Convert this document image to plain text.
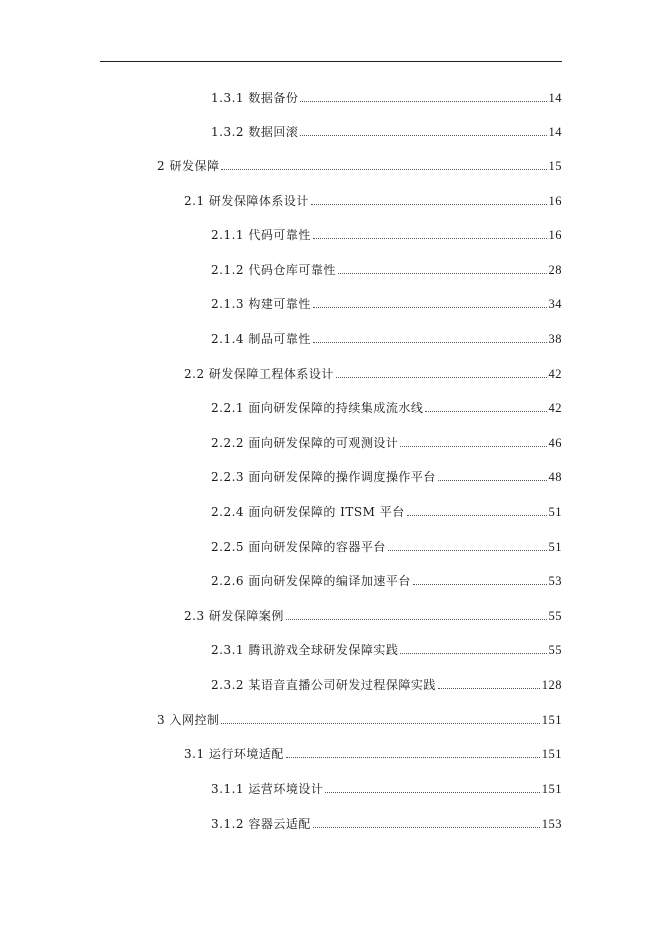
1.3.1 数据备份	14
1.3.2 数据回滚	14
2 研发保障	15
2.1 研发保障体系设计	16
2.1.1 代码可靠性	16
2.1.2 代码仓库可靠性	28
2.1.3 构建可靠性	34
2.1.4 制品可靠性	38
2.2 研发保障工程体系设计	42
2.2.1 面向研发保障的持续集成流水线	42
2.2.2 面向研发保障的可观测设计	46
2.2.3 面向研发保障的操作调度操作平台	48
2.2.4 面向研发保障的 ITSM 平台	51
2.2.5 面向研发保障的容器平台	51
2.2.6 面向研发保障的编译加速平台	53
2.3 研发保障案例	55
2.3.1 腾讯游戏全球研发保障实践	55
2.3.2 某语音直播公司研发过程保障实践	128
3 入网控制	151
3.1 运行环境适配	151
3.1.1 运营环境设计	151
3.1.2 容器云适配	153
